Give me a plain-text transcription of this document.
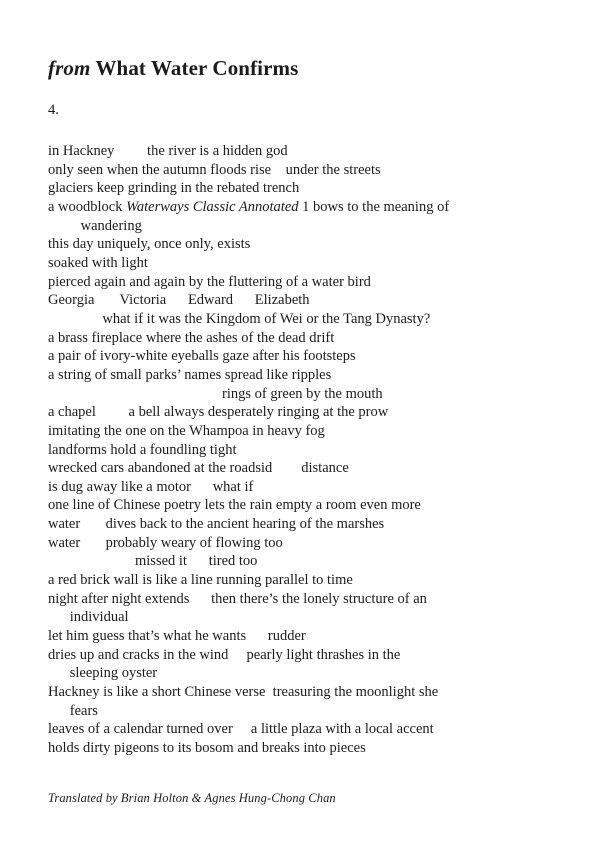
from What Water Confirms
4.
in Hackney         the river is a hidden god
only seen when the autumn floods rise    under the streets
glaciers keep grinding in the rebated trench
a woodblock Waterways Classic Annotated 1 bows to the meaning of
wandering
this day uniquely, once only, exists
soaked with light
pierced again and again by the fluttering of a water bird
Georgia       Victoria      Edward      Elizabeth
what if it was the Kingdom of Wei or the Tang Dynasty?
a brass fireplace where the ashes of the dead drift
a pair of ivory-white eyeballs gaze after his footsteps
a string of small parks’ names spread like ripples
rings of green by the mouth
a chapel         a bell always desperately ringing at the prow
imitating the one on the Whampoa in heavy fog
landforms hold a foundling tight
wrecked cars abandoned at the roadsid        distance
is dug away like a motor      what if
one line of Chinese poetry lets the rain empty a room even more
water       dives back to the ancient hearing of the marshes
water       probably weary of flowing too
missed it      tired too
a red brick wall is like a line running parallel to time
night after night extends      then there’s the lonely structure of an
individual
let him guess that’s what he wants      rudder
dries up and cracks in the wind     pearly light thrashes in the
sleeping oyster
Hackney is like a short Chinese verse  treasuring the moonlight she
fears
leaves of a calendar turned over     a little plaza with a local accent
holds dirty pigeons to its bosom and breaks into pieces
Translated by Brian Holton & Agnes Hung-Chong Chan
